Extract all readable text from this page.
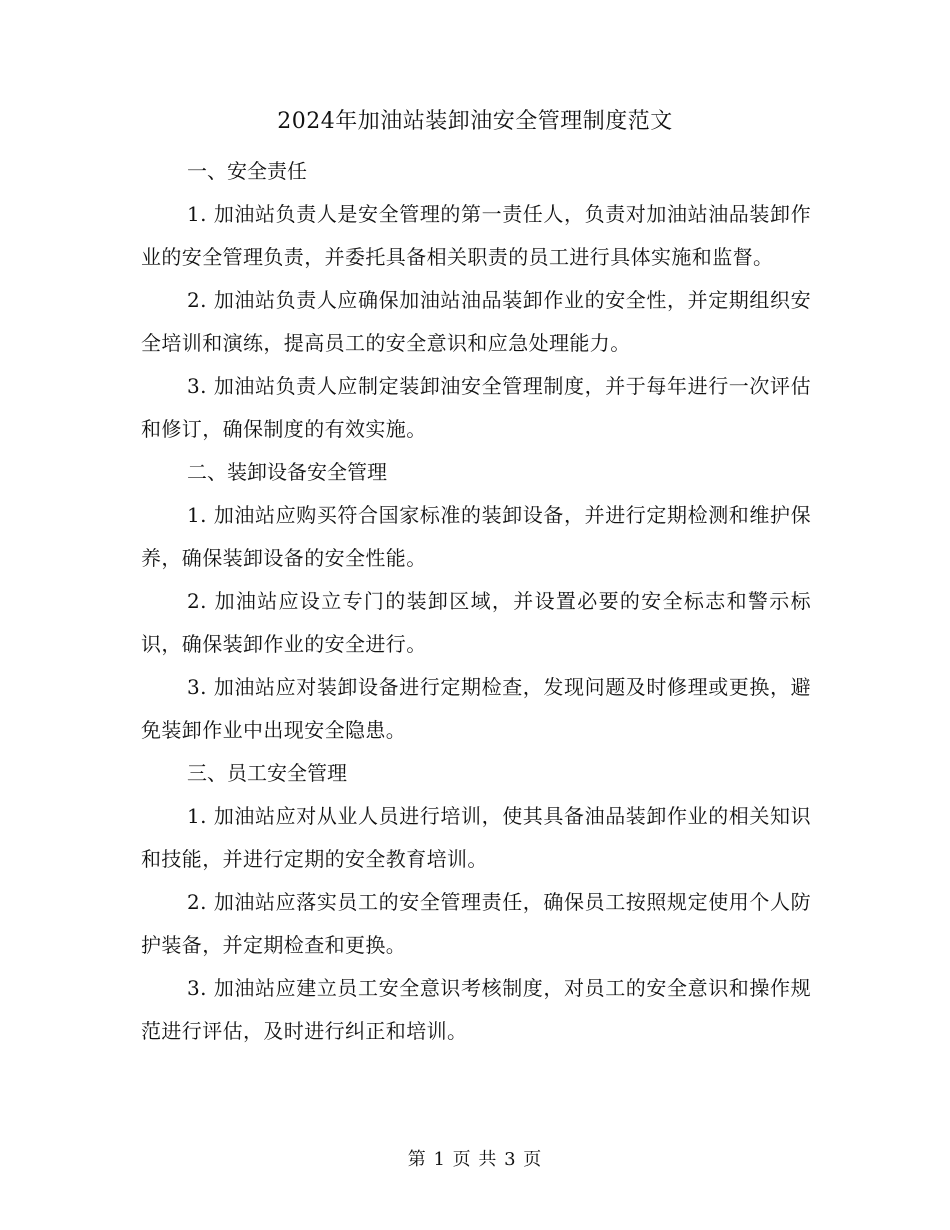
2024年加油站装卸油安全管理制度范文

一、安全责任

1. 加油站负责人是安全管理的第一责任人，负责对加油站油品装卸作业的安全管理负责，并委托具备相关职责的员工进行具体实施和监督。

2. 加油站负责人应确保加油站油品装卸作业的安全性，并定期组织安全培训和演练，提高员工的安全意识和应急处理能力。

3. 加油站负责人应制定装卸油安全管理制度，并于每年进行一次评估和修订，确保制度的有效实施。

二、装卸设备安全管理

1. 加油站应购买符合国家标准的装卸设备，并进行定期检测和维护保养，确保装卸设备的安全性能。

2. 加油站应设立专门的装卸区域，并设置必要的安全标志和警示标识，确保装卸作业的安全进行。

3. 加油站应对装卸设备进行定期检查，发现问题及时修理或更换，避免装卸作业中出现安全隐患。

三、员工安全管理

1. 加油站应对从业人员进行培训，使其具备油品装卸作业的相关知识和技能，并进行定期的安全教育培训。

2. 加油站应落实员工的安全管理责任，确保员工按照规定使用个人防护装备，并定期检查和更换。

3. 加油站应建立员工安全意识考核制度，对员工的安全意识和操作规范进行评估，及时进行纠正和培训。

第 1 页 共 3 页
